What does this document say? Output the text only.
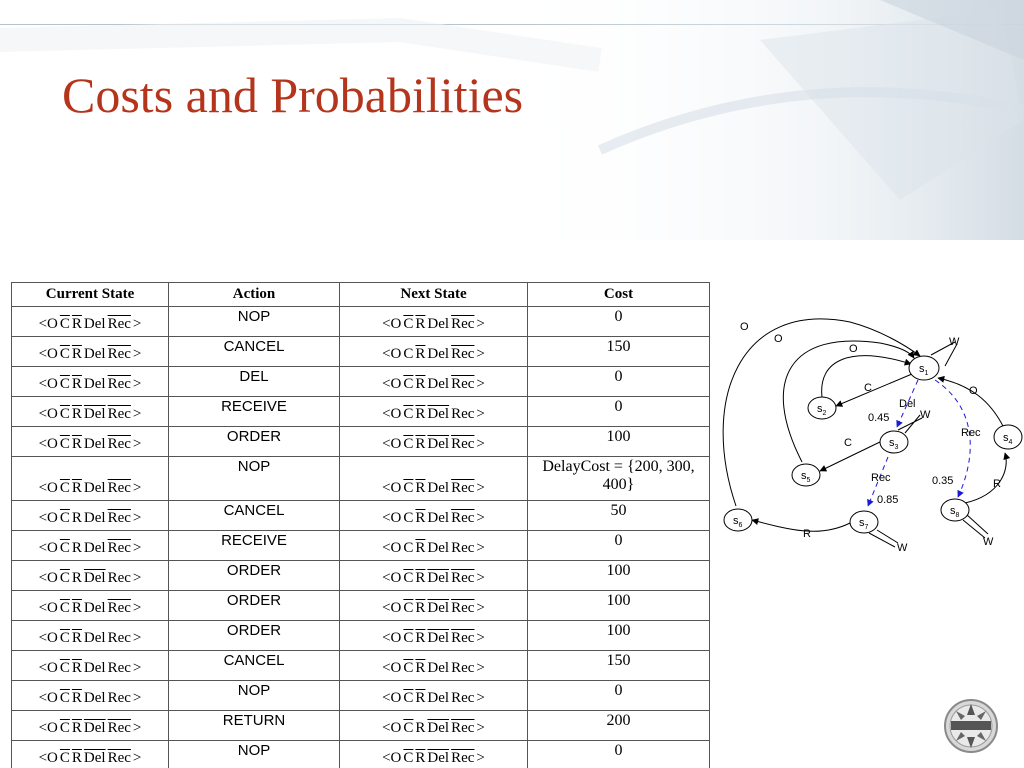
Costs and Probabilities
Current State	Action	Next State	Cost
<O $\overline{C}$ $\overline{R}$ Del $\overline{Rec}$ >	NOP	<O $\overline{C}$ $\overline{R}$ Del $\overline{Rec}$ >	0
<O $\overline{C}$ $\overline{R}$ Del $\overline{Rec}$ >	CANCEL	<O C $\overline{R}$ Del $\overline{Rec}$ >	150
<O $\overline{C}$ $\overline{R}$ Del $\overline{Rec}$ >	DEL	<O $\overline{C}$ $\overline{R}$ Del $\overline{Rec}$ >	0
<O $\overline{C}$ $\overline{R}$ $\overline{Del}$ $\overline{Rec}$ >	RECEIVE	<O $\overline{C}$ $\overline{R}$ $\overline{Del}$ Rec >	0
<O $\overline{C}$ $\overline{R}$ Del $\overline{Rec}$ >	ORDER	<O $\overline{C}$ $\overline{R}$ $\overline{Del}$ $\overline{Rec}$ >	100
<O $\overline{C}$ $\overline{R}$ Del $\overline{Rec}$ >	NOP	<O $\overline{C}$ $\overline{R}$ Del $\overline{Rec}$ >	DelayCost = {200, 300, 400}
<O $\overline{C}$ R Del $\overline{Rec}$ >	CANCEL	<O C $\overline{R}$ Del $\overline{Rec}$ >	50
<O $\overline{C}$ R Del $\overline{Rec}$ >	RECEIVE	<O C $\overline{R}$ Del Rec >	0
<O $\overline{C}$ R $\overline{Del}$ Rec >	ORDER	<O $\overline{C}$ $\overline{R}$ $\overline{Del}$ $\overline{Rec}$ >	100
<O $\overline{C}$ $\overline{R}$ Del $\overline{Rec}$ >	ORDER	<O $\overline{C}$ $\overline{R}$ $\overline{Del}$ $\overline{Rec}$ >	100
<O $\overline{C}$ $\overline{R}$ Del Rec >	ORDER	<O $\overline{C}$ $\overline{R}$ $\overline{Del}$ $\overline{Rec}$ >	100
<O $\overline{C}$ $\overline{R}$ Del Rec >	CANCEL	<O $\overline{C}$ $\overline{R}$ Del Rec >	150
<O $\overline{C}$ $\overline{R}$ Del Rec >	NOP	<O $\overline{C}$ $\overline{R}$ Del Rec >	0
<O $\overline{C}$ $\overline{R}$ $\overline{Del}$ $\overline{Rec}$ >	RETURN	<O $\overline{C}$ R $\overline{Del}$ $\overline{Rec}$ >	200
<O $\overline{C}$ $\overline{R}$ $\overline{Del}$ $\overline{Rec}$ >	NOP	<O $\overline{C}$ $\overline{R}$ $\overline{Del}$ $\overline{Rec}$ >	0
$s_1$
$s_2$
$s_3$
$s_4$
$s_5$
$s_6$	$s_7$
$s_8$
O
O
O
W
C	O
Del
0.45	W
Rec
C
Rec
0.85
0.35	R
R
W	W
